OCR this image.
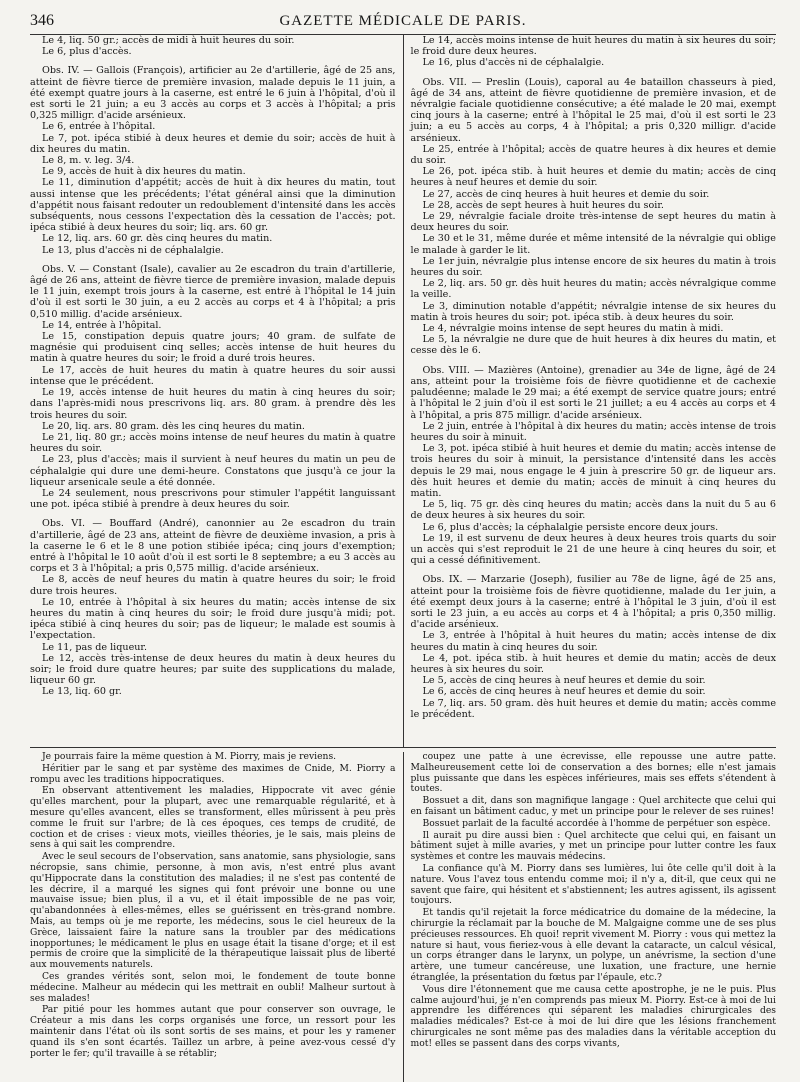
346	GAZETTE MÉDICALE DE PARIS.

Le 4, liq. 50 gr.; accès de midi à huit heures du soir.

Le 6, plus d'accès.

Obs. IV. — Gallois (François), artificier au 2e d'artillerie, âgé de 25 ans, atteint de fièvre tierce de première invasion, malade depuis le 11 juin, a été exempt quatre jours à la caserne, est entré le 6 juin à l'hôpital, d'où il est sorti le 21 juin; a eu 3 accès au corps et 3 accès à l'hôpital; a pris 0,325 milligr. d'acide arsénieux.

Le 6, entrée à l'hôpital.

Le 7, pot. ipéca stibié à deux heures et demie du soir; accès de huit à dix heures du matin.

Le 8, m. v. leg. 3/4.

Le 9, accès de huit à dix heures du matin.

Le 11, diminution d'appétit; accès de huit à dix heures du matin, tout aussi intense que les précédents; l'état général ainsi que la diminution d'appétit nous faisant redouter un redoublement d'intensité dans les accès subséquents, nous cessons l'expectation dès la cessation de l'accès; pot. ipéca stibié à deux heures du soir; liq. ars. 60 gr.

Le 12, liq. ars. 60 gr. dès cinq heures du matin.

Le 13, plus d'accès ni de céphalalgie.

Obs. V. — Constant (Isale), cavalier au 2e escadron du train d'artillerie, âgé de 26 ans, atteint de fièvre tierce de première invasion, malade depuis le 11 juin, exempt trois jours à la caserne, est entré à l'hôpital le 14 juin d'où il est sorti le 30 juin, a eu 2 accès au corps et 4 à l'hôpital; a pris 0,510 millig. d'acide arsénieux.

Le 14, entrée à l'hôpital.

Le 15, constipation depuis quatre jours; 40 gram. de sulfate de magnésie qui produisent cinq selles; accès intense de huit heures du matin à quatre heures du soir; le froid a duré trois heures.

Le 17, accès de huit heures du matin à quatre heures du soir aussi intense que le précédent.

Le 19, accès intense de huit heures du matin à cinq heures du soir; dans l'après-midi nous prescrivons liq. ars. 80 gram. à prendre dès les trois heures du soir.

Le 20, liq. ars. 80 gram. dès les cinq heures du matin.

Le 21, liq. 80 gr.; accès moins intense de neuf heures du matin à quatre heures du soir.

Le 23, plus d'accès; mais il survient à neuf heures du matin un peu de céphalalgie qui dure une demi-heure. Constatons que jusqu'à ce jour la liqueur arsenicale seule a été donnée.

Le 24 seulement, nous prescrivons pour stimuler l'appétit languissant une pot. ipéca stibié à prendre à deux heures du soir.

Obs. VI. — Bouffard (André), canonnier au 2e escadron du train d'artillerie, âgé de 23 ans, atteint de fièvre de deuxième invasion, a pris à la caserne le 6 et le 8 une potion stibiée ipéca; cinq jours d'exemption; entré à l'hôpital le 10 août d'où il est sorti le 8 septembre; a eu 3 accès au corps et 3 à l'hôpital; a pris 0,575 millig. d'acide arsénieux.

Le 8, accès de neuf heures du matin à quatre heures du soir; le froid dure trois heures.

Le 10, entrée à l'hôpital à six heures du matin; accès intense de six heures du matin à cinq heures du soir; le froid dure jusqu'à midi; pot. ipéca stibié à cinq heures du soir; pas de liqueur; le malade est soumis à l'expectation.

Le 11, pas de liqueur.

Le 12, accès très-intense de deux heures du matin à deux heures du soir; le froid dure quatre heures; par suite des supplications du malade, liqueur 60 gr.

Le 13, liq. 60 gr.

Le 14, accès moins intense de huit heures du matin à six heures du soir; le froid dure deux heures.

Le 16, plus d'accès ni de céphalalgie.

Obs. VII. — Preslin (Louis), caporal au 4e bataillon chasseurs à pied, âgé de 34 ans, atteint de fièvre quotidienne de première invasion, et de névralgie faciale quotidienne consécutive; a été malade le 20 mai, exempt cinq jours à la caserne; entré à l'hôpital le 25 mai, d'où il est sorti le 23 juin; a eu 5 accès au corps, 4 à l'hôpital; a pris 0,320 milligr. d'acide arsénieux.

Le 25, entrée à l'hôpital; accès de quatre heures à dix heures et demie du soir.

Le 26, pot. ipéca stib. à huit heures et demie du matin; accès de cinq heures à neuf heures et demie du soir.

Le 27, accès de cinq heures à huit heures et demie du soir.

Le 28, accès de sept heures à huit heures du soir.

Le 29, névralgie faciale droite très-intense de sept heures du matin à deux heures du soir.

Le 30 et le 31, même durée et même intensité de la névralgie qui oblige le malade à garder le lit.

Le 1er juin, névralgie plus intense encore de six heures du matin à trois heures du soir.

Le 2, liq. ars. 50 gr. dès huit heures du matin; accès névralgique comme la veille.

Le 3, diminution notable d'appétit; névralgie intense de six heures du matin à trois heures du soir; pot. ipéca stib. à deux heures du soir.

Le 4, névralgie moins intense de sept heures du matin à midi.

Le 5, la névralgie ne dure que de huit heures à dix heures du matin, et cesse dès le 6.

Obs. VIII. — Mazières (Antoine), grenadier au 34e de ligne, âgé de 24 ans, atteint pour la troisième fois de fièvre quotidienne et de cachexie paludéenne; malade le 29 mai; a été exempt de service quatre jours; entré à l'hôpital le 2 juin d'où il est sorti le 21 juillet; a eu 4 accès au corps et 4 à l'hôpital, a pris 875 milligr. d'acide arsénieux.

Le 2 juin, entrée à l'hôpital à dix heures du matin; accès intense de trois heures du soir à minuit.

Le 3, pot. ipéca stibié à huit heures et demie du matin; accès intense de trois heures du soir à minuit, la persistance d'intensité dans les accès depuis le 29 mai, nous engage le 4 juin à prescrire 50 gr. de liqueur ars. dès huit heures et demie du matin; accès de minuit à cinq heures du matin.

Le 5, liq. 75 gr. dès cinq heures du matin; accès dans la nuit du 5 au 6 de deux heures à six heures du soir.

Le 6, plus d'accès; la céphalalgie persiste encore deux jours.

Le 19, il est survenu de deux heures à deux heures trois quarts du soir un accès qui s'est reproduit le 21 de une heure à cinq heures du soir, et qui a cessé définitivement.

Obs. IX. — Marzarie (Joseph), fusilier au 78e de ligne, âgé de 25 ans, atteint pour la troisième fois de fièvre quotidienne, malade du 1er juin, a été exempt deux jours à la caserne; entré à l'hôpital le 3 juin, d'où il est sorti le 23 juin, a eu accès au corps et 4 à l'hôpital; a pris 0,350 millig. d'acide arsénieux.

Le 3, entrée à l'hôpital à huit heures du matin; accès intense de dix heures du matin à cinq heures du soir.

Le 4, pot. ipéca stib. à huit heures et demie du matin; accès de deux heures à six heures du soir.

Le 5, accès de cinq heures à neuf heures et demie du soir.

Le 6, accès de cinq heures à neuf heures et demie du soir.

Le 7, liq. ars. 50 gram. dès huit heures et demie du matin; accès comme le précédent.

Je pourrais faire la même question à M. Piorry, mais je reviens.

Héritier par le sang et par système des maximes de Cnide, M. Piorry a rompu avec les traditions hippocratiques.

En observant attentivement les maladies, Hippocrate vit avec génie qu'elles marchent, pour la plupart, avec une remarquable régularité, et à mesure qu'elles avancent, elles se transforment, elles mûrissent à peu près comme le fruit sur l'arbre; de là ces époques, ces temps de crudité, de coction et de crises : vieux mots, vieilles théories, je le sais, mais pleins de sens à qui sait les comprendre.

Avec le seul secours de l'observation, sans anatomie, sans physiologie, sans nécropsie, sans chimie, personne, à mon avis, n'est entré plus avant qu'Hippocrate dans la constitution des maladies; il ne s'est pas contenté de les décrire, il a marqué les signes qui font prévoir une bonne ou une mauvaise issue; bien plus, il a vu, et il était impossible de ne pas voir, qu'abandonnées à elles-mêmes, elles se guérissent en très-grand nombre. Mais, au temps où je me reporte, les médecins, sous le ciel heureux de la Grèce, laissaient faire la nature sans la troubler par des médications inopportunes; le médicament le plus en usage était la tisane d'orge; et il est permis de croire que la simplicité de la thérapeutique laissait plus de liberté aux mouvements naturels.

Ces grandes vérités sont, selon moi, le fondement de toute bonne médecine. Malheur au médecin qui les mettrait en oubli! Malheur surtout à ses malades!

Par pitié pour les hommes autant que pour conserver son ouvrage, le Créateur a mis dans les corps organisés une force, un ressort pour les maintenir dans l'état où ils sont sortis de ses mains, et pour les y ramener quand ils s'en sont écartés. Taillez un arbre, à peine avez-vous cessé d'y porter le fer; qu'il travaille à se rétablir;

coupez une patte à une écrevisse, elle repousse une autre patte. Malheureusement cette loi de conservation a des bornes; elle n'est jamais plus puissante que dans les espèces inférieures, mais ses effets s'étendent à toutes.

Bossuet a dit, dans son magnifique langage : Quel architecte que celui qui en faisant un bâtiment caduc, y met un principe pour le relever de ses ruines!

Bossuet parlait de la faculté accordée à l'homme de perpétuer son espèce.

Il aurait pu dire aussi bien : Quel architecte que celui qui, en faisant un bâtiment sujet à mille avaries, y met un principe pour lutter contre les faux systèmes et contre les mauvais médecins.

La confiance qu'à M. Piorry dans ses lumières, lui ôte celle qu'il doit à la nature. Vous l'avez tous entendu comme moi; il n'y a, dit-il, que ceux qui ne savent que faire, qui hésitent et s'abstiennent; les autres agissent, ils agissent toujours.

Et tandis qu'il rejetait la force médicatrice du domaine de la médecine, la chirurgie la réclamait par la bouche de M. Malgaigne comme une de ses plus précieuses ressources. Eh quoi! reprit vivement M. Piorry : vous qui mettez la nature si haut, vous fieriez-vous à elle devant la cataracte, un calcul vésical, un corps étranger dans le larynx, un polype, un anévrisme, la section d'une artère, une tumeur cancéreuse, une luxation, une fracture, une hernie étranglée, la présentation du fœtus par l'épaule, etc.?

Vous dire l'étonnement que me causa cette apostrophe, je ne le puis. Plus calme aujourd'hui, je n'en comprends pas mieux M. Piorry. Est-ce à moi de lui apprendre les différences qui séparent les maladies chirurgicales des maladies médicales? Est-ce à moi de lui dire que les lésions franchement chirurgicales ne sont même pas des maladies dans la véritable acception du mot! elles se passent dans des corps vivants,
